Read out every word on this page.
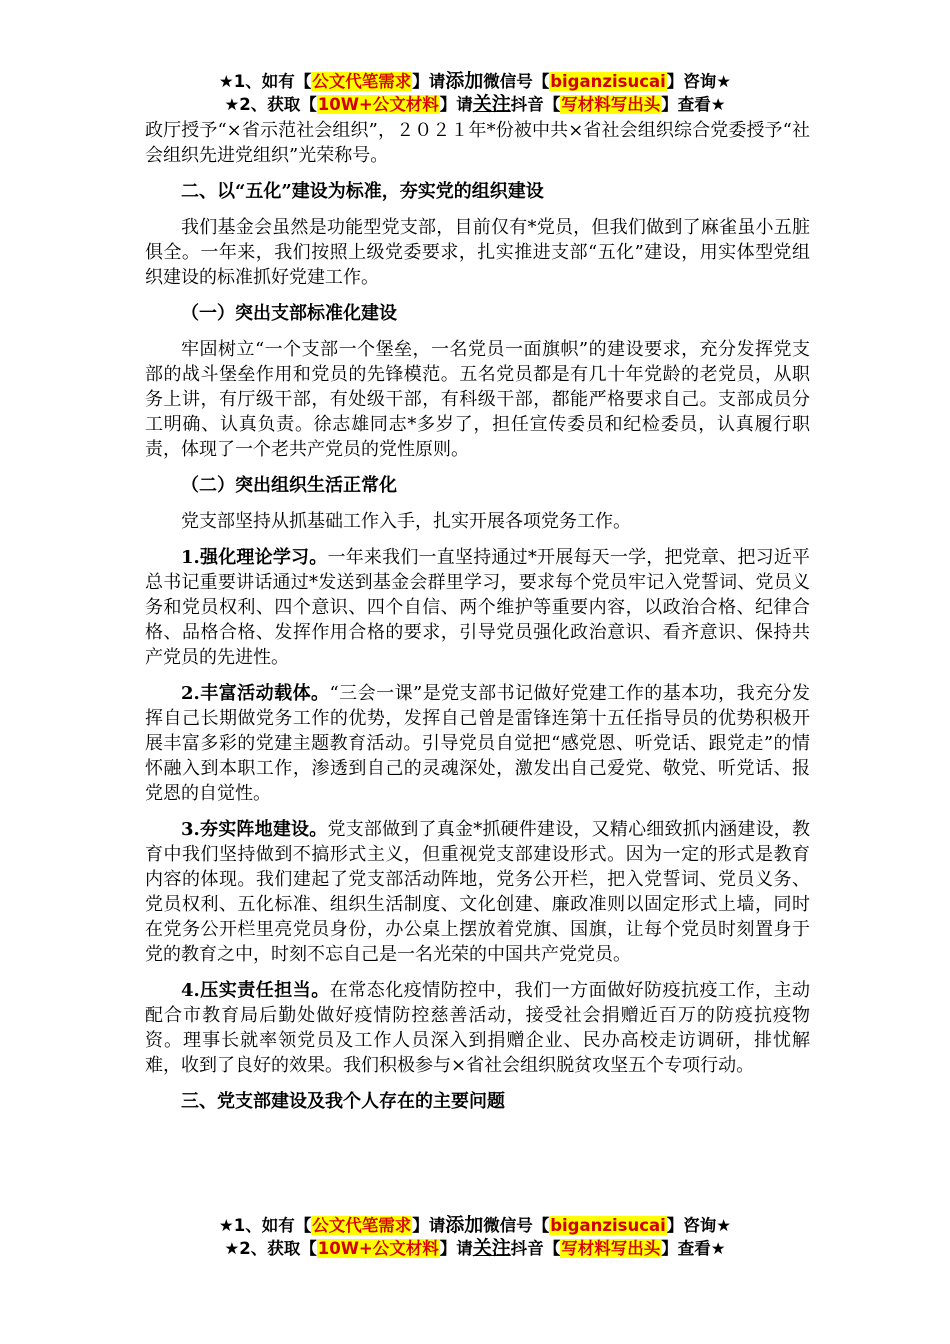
★1、如有【公文代笔需求】请添加微信号【biganzisucai】咨询★
★2、获取【10W+公文材料】请关注抖音【写材料写出头】查看★

政厅授予“×省示范社会组织”，２０２１年*份被中共×省社会组织综合党委授予“社会组织先进党组织”光荣称号。

二、以“五化”建设为标准，夯实党的组织建设

我们基金会虽然是功能型党支部，目前仅有*党员，但我们做到了麻雀虽小五脏俱全。一年来，我们按照上级党委要求，扎实推进支部“五化”建设，用实体型党组织建设的标准抓好党建工作。

（一）突出支部标准化建设

牢固树立“一个支部一个堡垒，一名党员一面旗帜”的建设要求，充分发挥党支部的战斗堡垒作用和党员的先锋模范。五名党员都是有几十年党龄的老党员，从职务上讲，有厅级干部，有处级干部，有科级干部，都能严格要求自己。支部成员分工明确、认真负责。徐志雄同志*多岁了，担任宣传委员和纪检委员，认真履行职责，体现了一个老共产党员的党性原则。

（二）突出组织生活正常化

党支部坚持从抓基础工作入手，扎实开展各项党务工作。

1.强化理论学习。一年来我们一直坚持通过*开展每天一学，把党章、把习近平总书记重要讲话通过*发送到基金会群里学习，要求每个党员牢记入党誓词、党员义务和党员权利、四个意识、四个自信、两个维护等重要内容，以政治合格、纪律合格、品格合格、发挥作用合格的要求，引导党员强化政治意识、看齐意识、保持共产党员的先进性。

2.丰富活动载体。“三会一课”是党支部书记做好党建工作的基本功，我充分发挥自己长期做党务工作的优势，发挥自己曾是雷锋连第十五任指导员的优势积极开展丰富多彩的党建主题教育活动。引导党员自觉把“感党恩、听党话、跟党走”的情怀融入到本职工作，渗透到自己的灵魂深处，激发出自己爱党、敬党、听党话、报党恩的自觉性。

3.夯实阵地建设。党支部做到了真金*抓硬件建设，又精心细致抓内涵建设，教育中我们坚持做到不搞形式主义，但重视党支部建设形式。因为一定的形式是教育内容的体现。我们建起了党支部活动阵地，党务公开栏，把入党誓词、党员义务、党员权利、五化标准、组织生活制度、文化创建、廉政准则以固定形式上墙，同时在党务公开栏里亮党员身份，办公桌上摆放着党旗、国旗，让每个党员时刻置身于党的教育之中，时刻不忘自己是一名光荣的中国共产党党员。

4.压实责任担当。在常态化疫情防控中，我们一方面做好防疫抗疫工作，主动配合市教育局后勤处做好疫情防控慈善活动，接受社会捐赠近百万的防疫抗疫物资。理事长就率领党员及工作人员深入到捐赠企业、民办高校走访调研，排忧解难，收到了良好的效果。我们积极参与×省社会组织脱贫攻坚五个专项行动。

三、党支部建设及我个人存在的主要问题

★1、如有【公文代笔需求】请添加微信号【biganzisucai】咨询★
★2、获取【10W+公文材料】请关注抖音【写材料写出头】查看★
